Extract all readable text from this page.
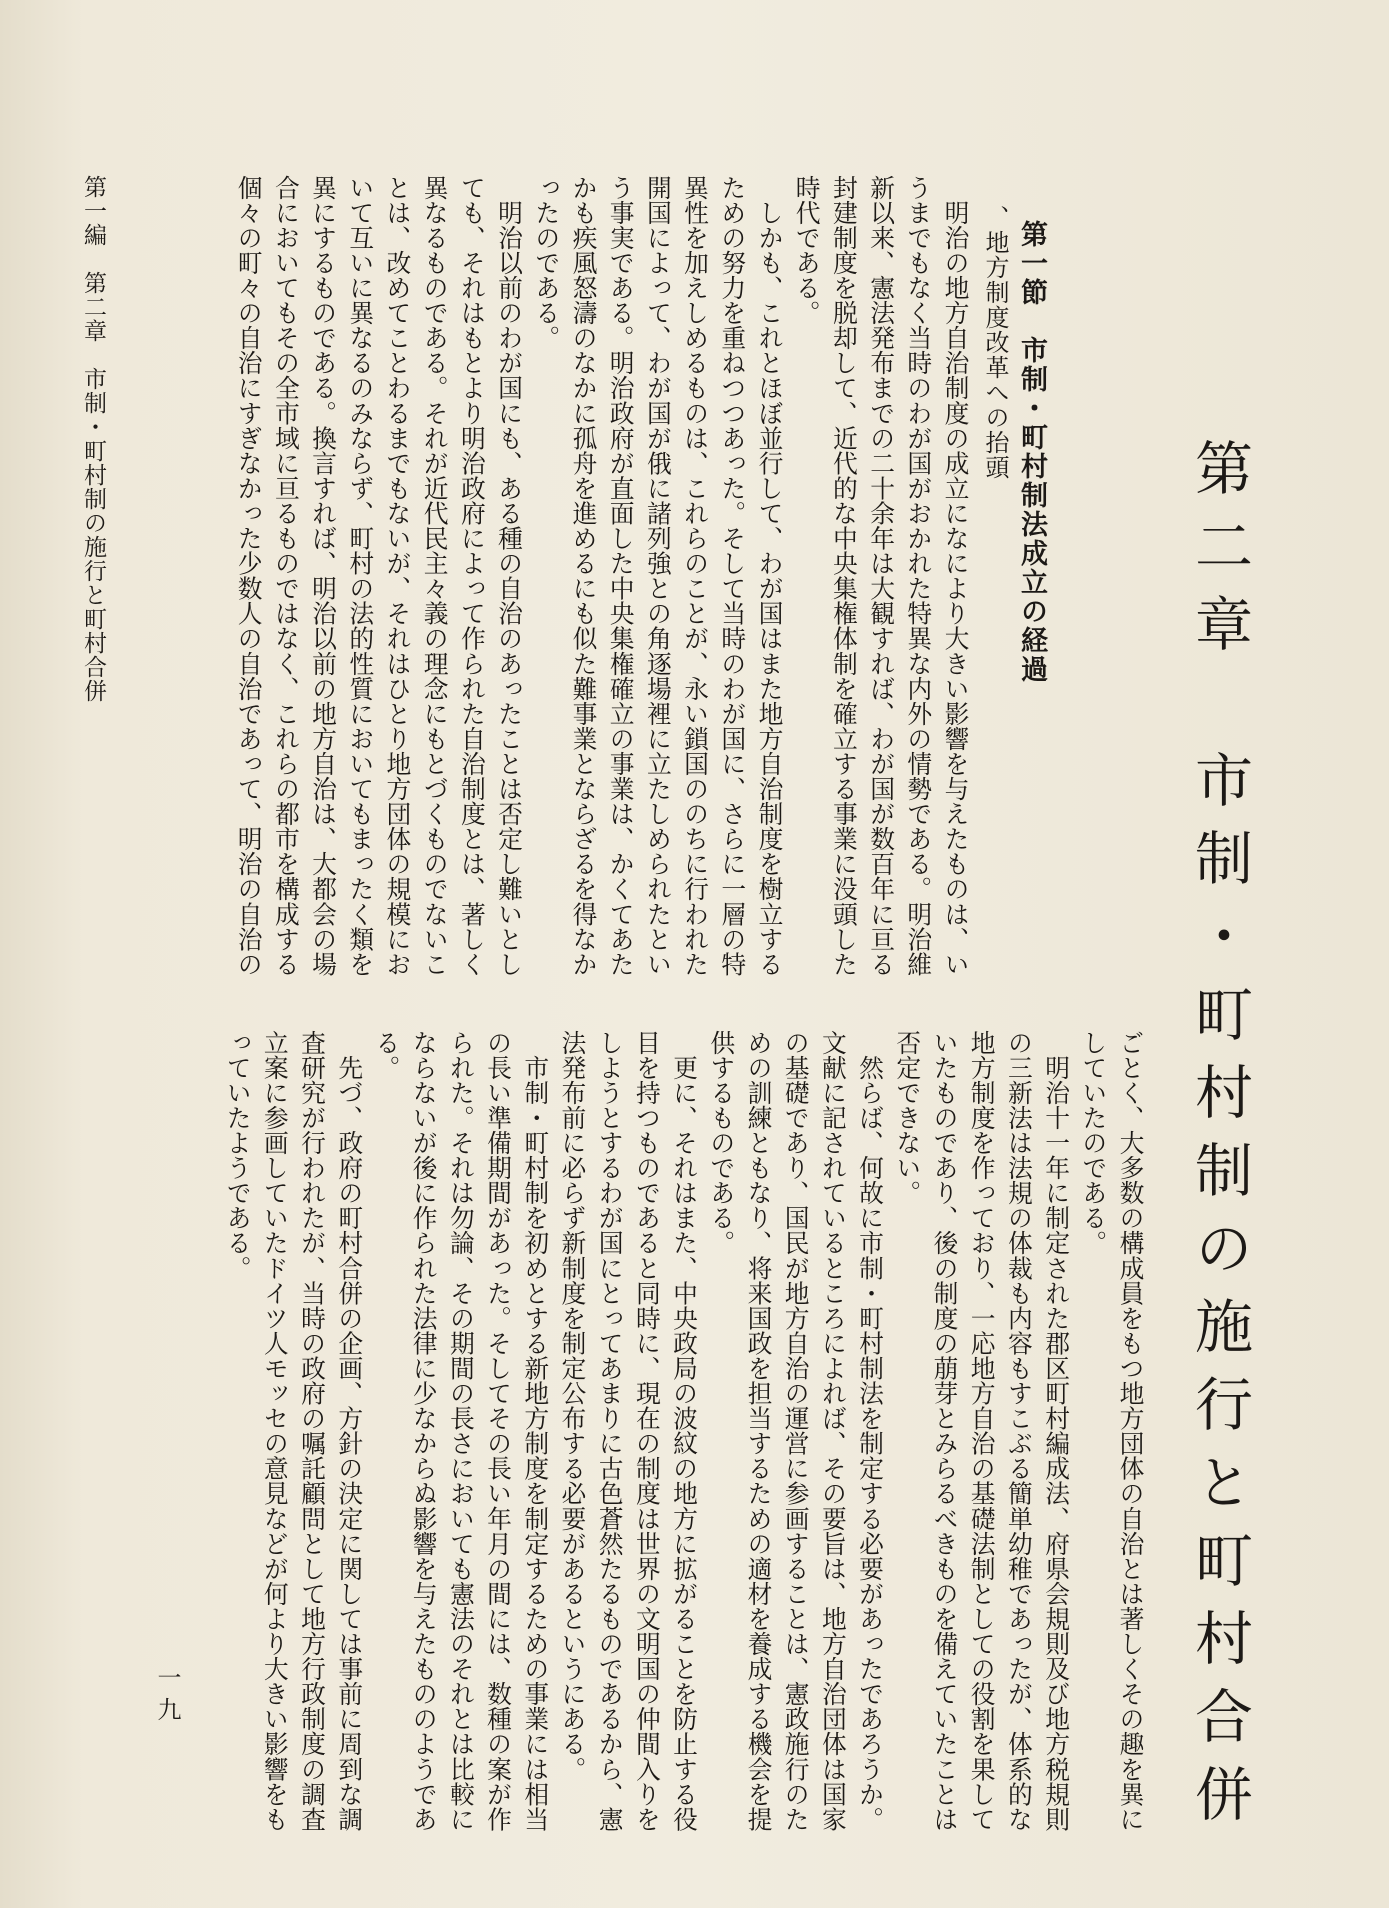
第二章　市制・町村制の施行と町村合併
第一節　市制・町村制法成立の経過
、地方制度改革への抬頭

　明治の地方自治制度の成立になにより大きい影響を与えたものは、い

うまでもなく当時のわが国がおかれた特異な内外の情勢である。明治維

新以来、憲法発布までの二十余年は大観すれば、わが国が数百年に亘る

封建制度を脱却して、近代的な中央集権体制を確立する事業に没頭した

時代である。

　しかも、これとほぼ並行して、わが国はまた地方自治制度を樹立する

ための努力を重ねつつあった。そして当時のわが国に、さらに一層の特

異性を加えしめるものは、これらのことが、永い鎖国ののちに行われた

開国によって、わが国が俄に諸列強との角逐場裡に立たしめられたとい

う事実である。明治政府が直面した中央集権確立の事業は、かくてあた

かも疾風怒濤のなかに孤舟を進めるにも似た難事業とならざるを得なか

ったのである。

　明治以前のわが国にも、ある種の自治のあったことは否定し難いとし

ても、それはもとより明治政府によって作られた自治制度とは、著しく

異なるものである。それが近代民主々義の理念にもとづくものでないこ

とは、改めてことわるまでもないが、それはひとり地方団体の規模にお

いて互いに異なるのみならず、町村の法的性質においてもまったく類を

異にするものである。換言すれば、明治以前の地方自治は、大都会の場

合においてもその全市域に亘るものではなく、これらの都市を構成する

個々の町々の自治にすぎなかった少数人の自治であって、明治の自治の

ごとく、大多数の構成員をもつ地方団体の自治とは著しくその趣を異に

していたのである。

　明治十一年に制定された郡区町村編成法、府県会規則及び地方税規則

の三新法は法規の体裁も内容もすこぶる簡単幼稚であったが、体系的な

地方制度を作っており、一応地方自治の基礎法制としての役割を果して

いたものであり、後の制度の萠芽とみらるべきものを備えていたことは

否定できない。

　然らば、何故に市制・町村制法を制定する必要があったであろうか。

文献に記されているところによれば、その要旨は、地方自治団体は国家

の基礎であり、国民が地方自治の運営に参画することは、憲政施行のた

めの訓練ともなり、将来国政を担当するための適材を養成する機会を提

供するものである。

　更に、それはまた、中央政局の波紋の地方に拡がることを防止する役

目を持つものであると同時に、現在の制度は世界の文明国の仲間入りを

しようとするわが国にとってあまりに古色蒼然たるものであるから、憲

法発布前に必らず新制度を制定公布する必要があるというにある。

　市制・町村制を初めとする新地方制度を制定するための事業には相当

の長い準備期間があった。そしてその長い年月の間には、数種の案が作

られた。それは勿論、その期間の長さにおいても憲法のそれとは比較に

ならないが後に作られた法律に少なからぬ影響を与えたもののようであ

る。

　先づ、政府の町村合併の企画、方針の決定に関しては事前に周到な調

査研究が行われたが、当時の政府の嘱託顧問として地方行政制度の調査

立案に参画していたドイツ人モッセの意見などが何より大きい影響をも

っていたようである。

第一編　第二章　市制・町村制の施行と町村合併
一九
